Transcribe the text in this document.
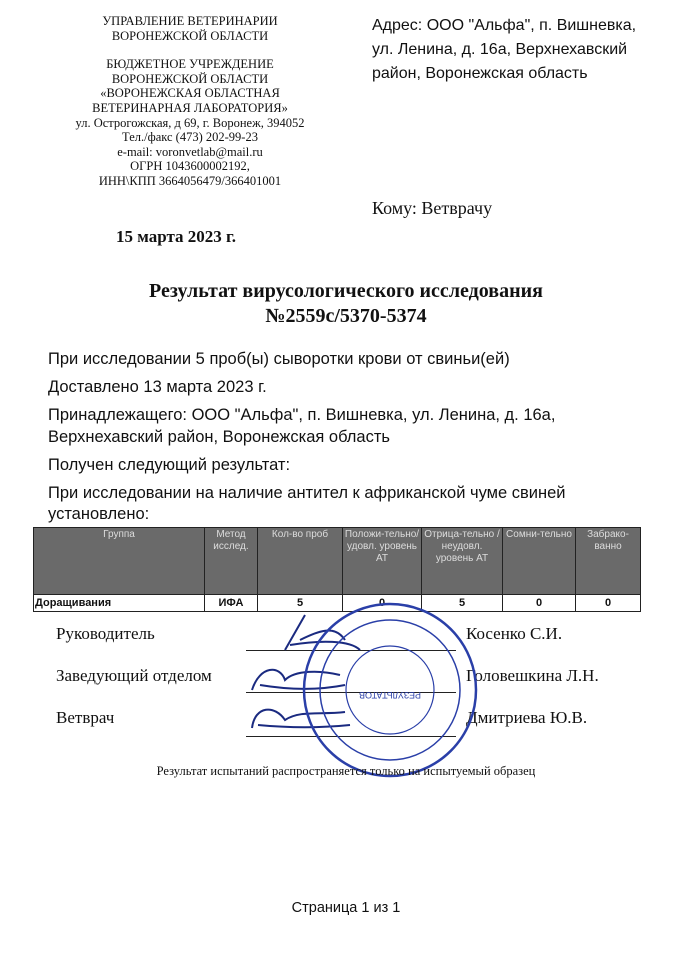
УПРАВЛЕНИЕ ВЕТЕРИНАРИИ
ВОРОНЕЖСКОЙ ОБЛАСТИ
БЮДЖЕТНОЕ УЧРЕЖДЕНИЕ
ВОРОНЕЖСКОЙ ОБЛАСТИ
«ВОРОНЕЖСКАЯ ОБЛАСТНАЯ
ВЕТЕРИНАРНАЯ ЛАБОРАТОРИЯ»
ул. Острогожская, д 69, г. Воронеж, 394052
Тел./факс (473) 202-99-23
e-mail: voronvetlab@mail.ru
ОГРН 1043600002192,
ИНН\КПП 3664056479/366401001
Адрес: ООО "Альфа", п. Вишневка,
ул. Ленина, д. 16а, Верхнехавский
район, Воронежская область
Кому: Ветврачу
15 марта 2023 г.
Результат вирусологического исследования
№2559с/5370-5374
При исследовании 5 проб(ы) сыворотки крови от свиньи(ей)
Доставлено 13 марта 2023 г.
Принадлежащего: ООО "Альфа", п. Вишневка, ул. Ленина, д. 16а,
Верхнехавский район, Воронежская область
Получен следующий результат:
При исследовании на наличие антител к африканской чуме свиней
установлено:
Группа	Метод исслед.	Кол-во проб	Положи-тельно/ удовл. уровень АТ	Отрица-тельно / неудовл. уровень АТ	Сомни-тельно	Забрако-ванно
Доращивания	ИФА	5	0	5	0	0
Руководитель	Косенко С.И.
Заведующий отделом	Головешкина Л.Н.
Ветврач	Дмитриева Ю.В.
РЕЗУЛЬТАТОВ
Результат испытаний распространяется только на испытуемый образец
Страница 1 из 1
